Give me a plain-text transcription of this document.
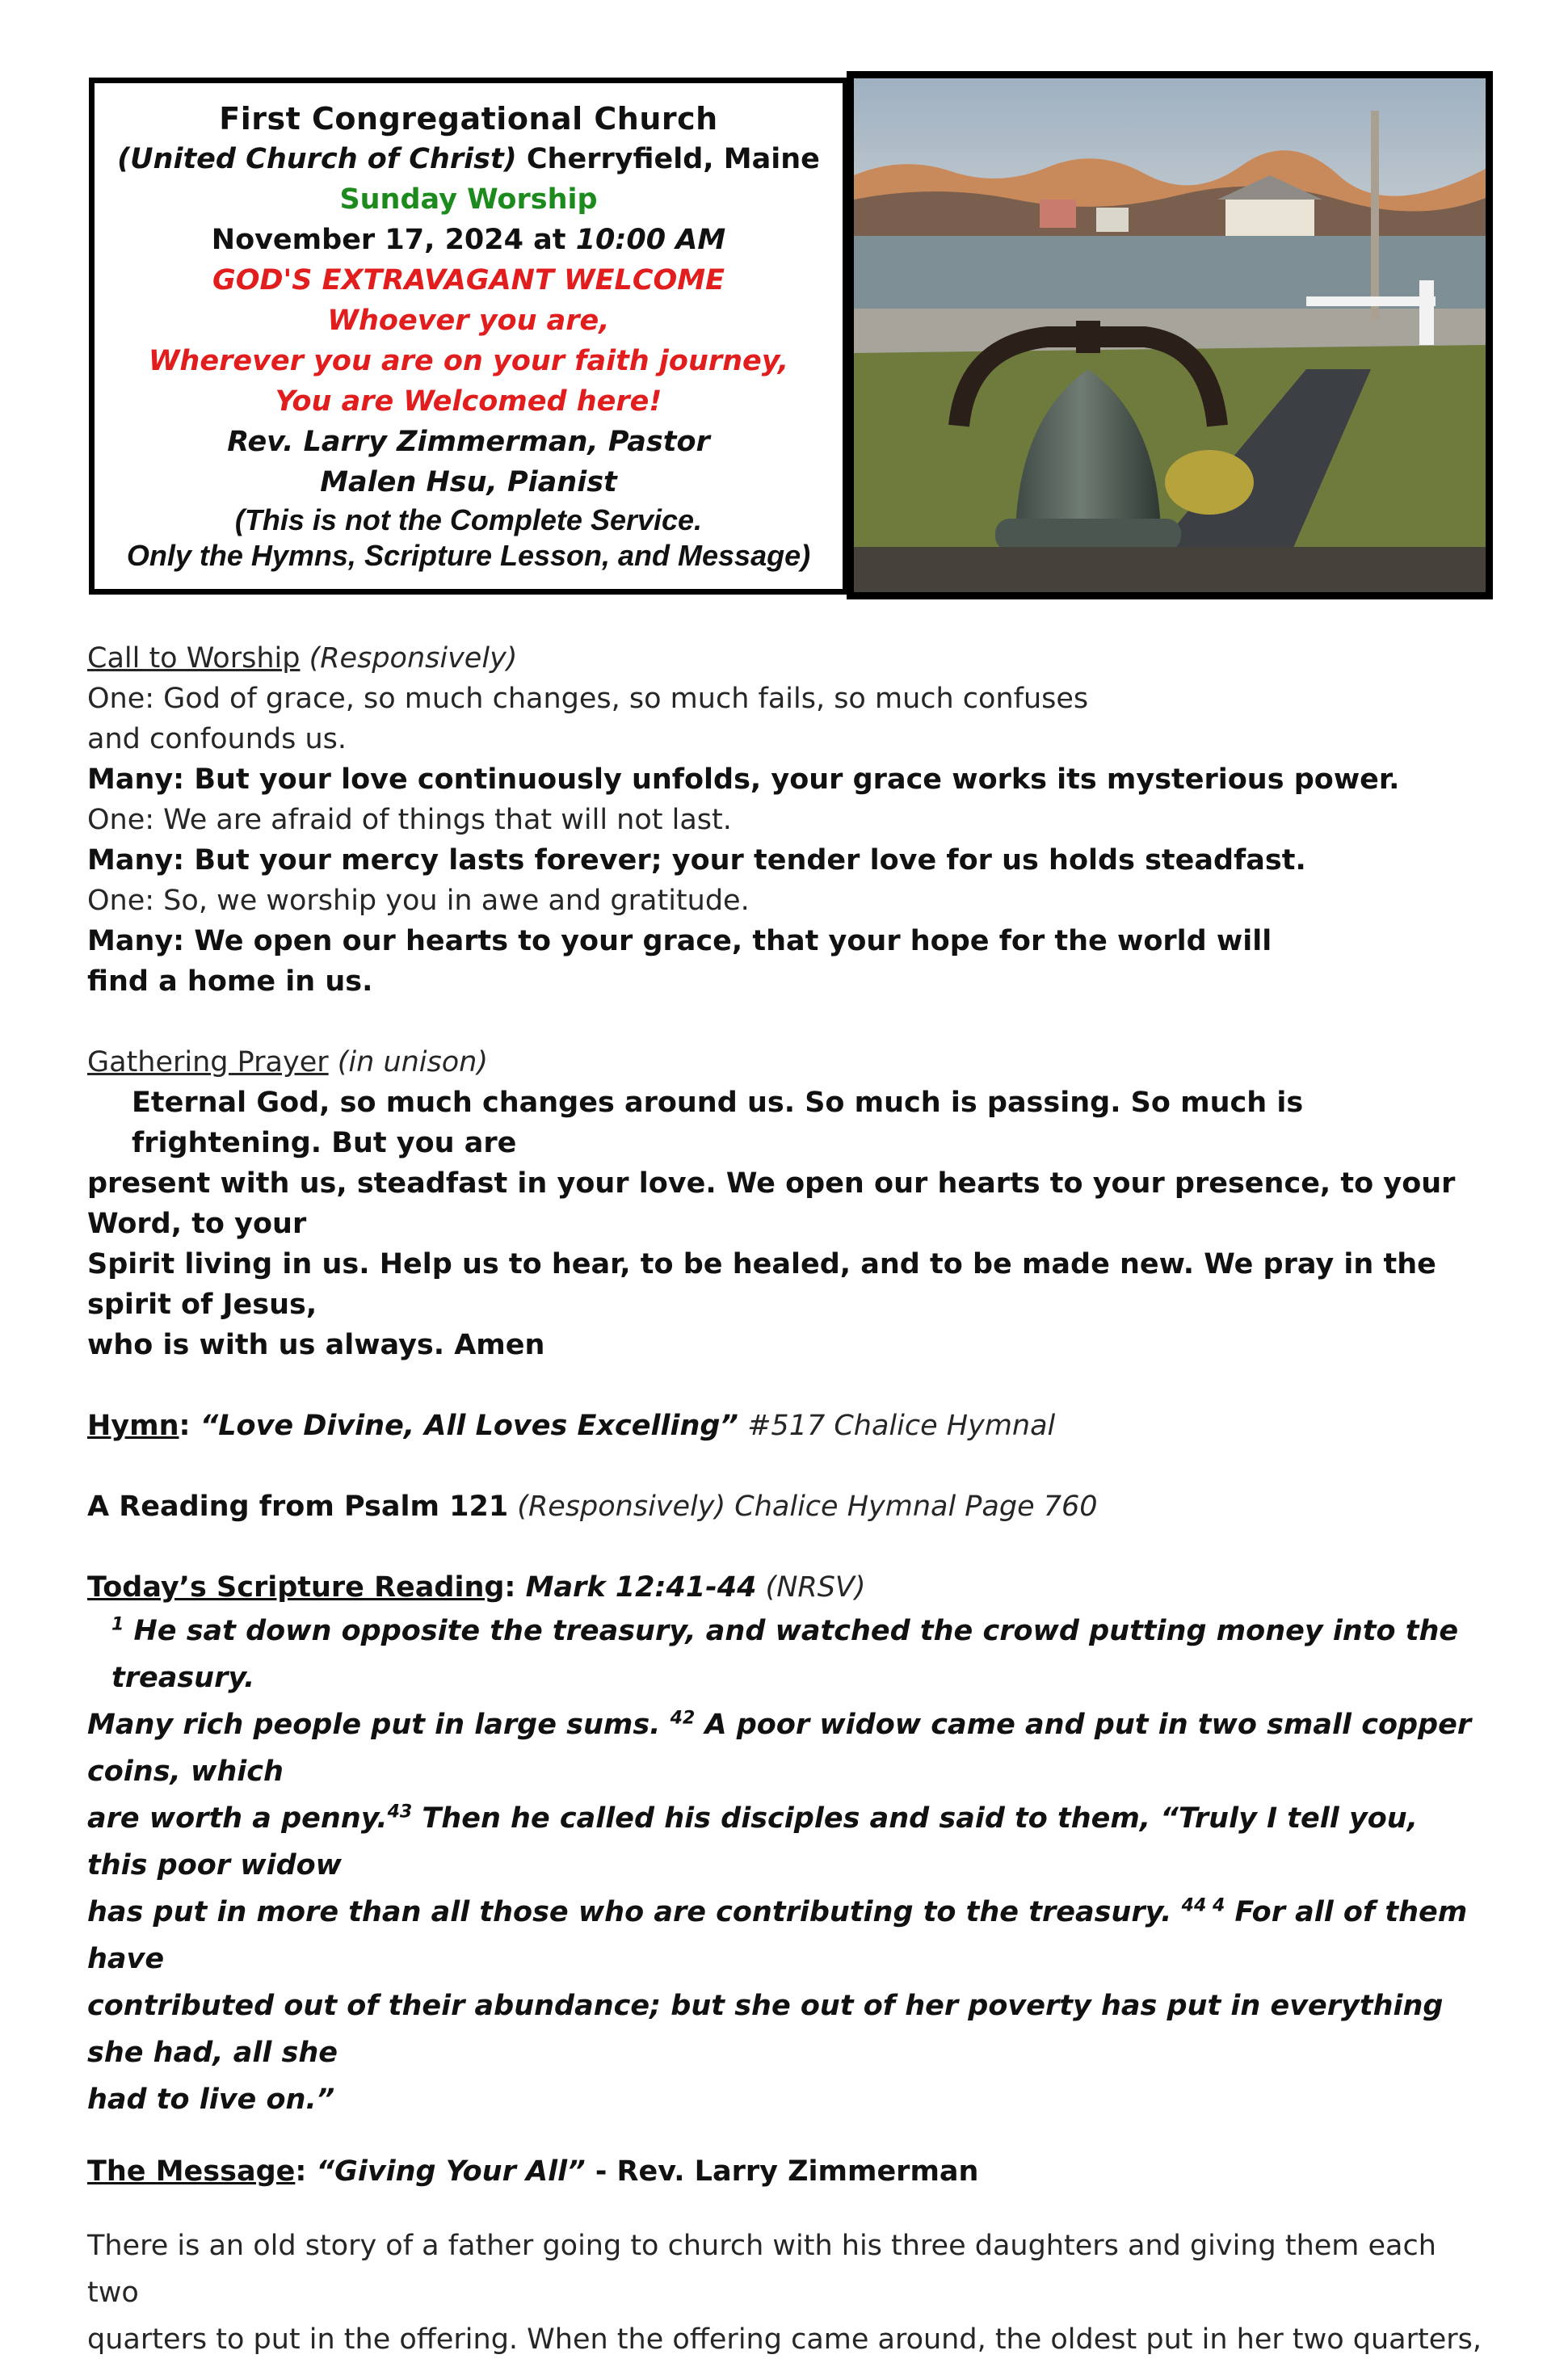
First Congregational Church
(United Church of Christ) Cherryfield, Maine
Sunday Worship
November 17, 2024 at 10:00 AM
GOD'S EXTRAVAGANT WELCOME
Whoever you are,
Wherever you are on your faith journey,
You are Welcomed here!
Rev. Larry Zimmerman, Pastor
Malen Hsu, Pianist
(This is not the Complete Service.
Only the Hymns, Scripture Lesson, and Message)

Call to Worship (Responsively)

One: God of grace, so much changes, so much fails, so much confuses

and confounds us.

Many: But your love continuously unfolds, your grace works its mysterious power.

One: We are afraid of things that will not last.

Many: But your mercy lasts forever; your tender love for us holds steadfast.

One: So, we worship you in awe and gratitude.

Many: We open our hearts to your grace, that your hope for the world will

find a home in us.

Gathering Prayer (in unison)

Eternal God, so much changes around us. So much is passing. So much is frightening. But you are

present with us, steadfast in your love. We open our hearts to your presence, to your Word, to your

Spirit living in us. Help us to hear, to be healed, and to be made new. We pray in the spirit of Jesus,

who is with us always. Amen

Hymn: “Love Divine, All Loves Excelling” #517 Chalice Hymnal

A Reading from Psalm 121 (Responsively) Chalice Hymnal Page 760

Today’s Scripture Reading: Mark 12:41-44 (NRSV)

$^1$ He sat down opposite the treasury, and watched the crowd putting money into the treasury.

Many rich people put in large sums. $^{42}$ A poor widow came and put in two small copper coins, which

are worth a penny.$^{43}$ Then he called his disciples and said to them, “Truly I tell you, this poor widow

has put in more than all those who are contributing to the treasury. $^{44 4}$ For all of them have

contributed out of their abundance; but she out of her poverty has put in everything she had, all she

had to live on.”

The Message: “Giving Your All” - Rev. Larry Zimmerman

There is an old story of a father going to church with his three daughters and giving them each two

quarters to put in the offering. When the offering came around, the oldest put in her two quarters,
